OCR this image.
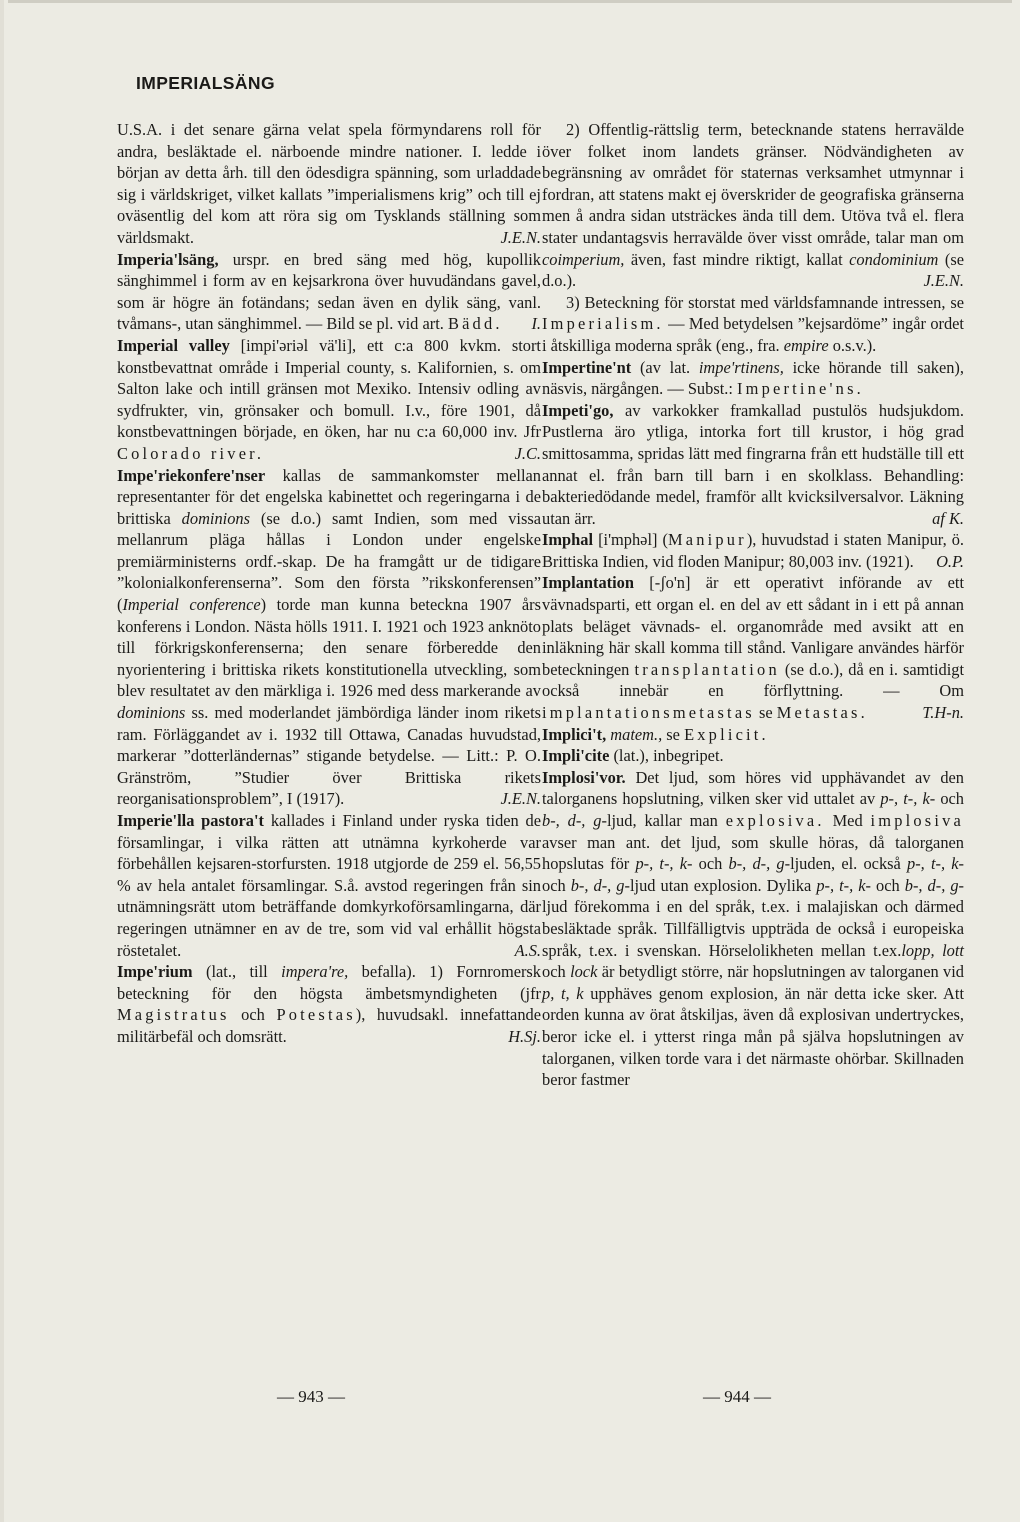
IMPERIALSÄNG

U.S.A. i det senare gärna velat spela förmyndarens roll för andra, besläktade el. närboende mindre nationer. I. ledde i början av detta årh. till den ödesdigra spänning, som urladdade sig i världskriget, vilket kallats ”imperialismens krig” och till ej oväsentlig del kom att röra sig om Tysklands ställning som världsmakt.	J.E.N.

Imperia'lsäng, urspr. en bred säng med hög, kupollik sänghimmel i form av en kejsarkrona över huvudändans gavel, som är högre än fotändans; sedan även en dylik säng, vanl. tvåmans-, utan sänghimmel. — Bild se pl. vid art. Bädd.	I.

Imperial valley [impi'əriəl vä'li], ett c:a 800 kvkm. stort konstbevattnat område i Imperial county, s. Kalifornien, s. om Salton lake och intill gränsen mot Mexiko. Intensiv odling av sydfrukter, vin, grönsaker och bomull. I.v., före 1901, då konstbevattningen började, en öken, har nu c:a 60,000 inv. Jfr Colorado river.	J.C.

Impe'riekonfere'nser kallas de sammankomster mellan representanter för det engelska kabinettet och regeringarna i de brittiska dominions (se d.o.) samt Indien, som med vissa mellanrum pläga hållas i London under engelske premiärministerns ordf.-skap. De ha framgått ur de tidigare ”kolonialkonferenserna”. Som den första ”rikskonferensen” (Imperial conference) torde man kunna beteckna 1907 års konferens i London. Nästa hölls 1911. I. 1921 och 1923 anknöto till förkrigskonferenserna; den senare förberedde den nyorientering i brittiska rikets konstitutionella utveckling, som blev resultatet av den märkliga i. 1926 med dess markerande av dominions ss. med moderlandet jämbördiga länder inom rikets ram. Förläggandet av i. 1932 till Ottawa, Canadas huvudstad, markerar ”dotterländernas” stigande betydelse. — Litt.: P. O. Gränström, ”Studier över Brittiska rikets reorganisationsproblem”, I (1917).	J.E.N.

Imperie'lla pastora't kallades i Finland under ryska tiden de församlingar, i vilka rätten att utnämna kyrkoherde var förbehållen kejsaren-storfursten. 1918 utgjorde de 259 el. 56,55 % av hela antalet församlingar. S.å. avstod regeringen från sin utnämningsrätt utom beträffande domkyrkoförsamlingarna, där regeringen utnämner en av de tre, som vid val erhållit högsta röstetalet.	A.S.

Impe'rium (lat., till impera're, befalla). 1) Fornromersk beteckning för den högsta ämbetsmyndigheten (jfr Magistratus och Potestas), huvudsakl. innefattande militärbefäl och domsrätt.	H.Sj.

2) Offentlig-rättslig term, betecknande statens herravälde över folket inom landets gränser. Nödvändigheten av begränsning av området för staternas verksamhet utmynnar i fordran, att statens makt ej överskrider de geografiska gränserna men å andra sidan utsträckes ända till dem. Utöva två el. flera stater undantagsvis herravälde över visst område, talar man om coimperium, även, fast mindre riktigt, kallat condominium (se d.o.).	J.E.N.

3) Beteckning för storstat med världsfamnande intressen, se Imperialism. — Med betydelsen ”kejsardöme” ingår ordet i åtskilliga moderna språk (eng., fra. empire o.s.v.).

Impertine'nt (av lat. impe'rtinens, icke hörande till saken), näsvis, närgången. — Subst.: Impertine'ns.

Impeti'go, av varkokker framkallad pustulös hudsjukdom. Pustlerna äro ytliga, intorka fort till krustor, i hög grad smittosamma, spridas lätt med fingrarna från ett hudställe till ett annat el. från barn till barn i en skolklass. Behandling: bakteriedödande medel, framför allt kvicksilversalvor. Läkning utan ärr.	af K.

Imphal [i'mphəl] (Manipur), huvudstad i staten Manipur, ö. Brittiska Indien, vid floden Manipur; 80,003 inv. (1921).	O.P.

Implantation [-ʃo'n] är ett operativt införande av ett vävnadsparti, ett organ el. en del av ett sådant in i ett på annan plats beläget vävnads- el. organområde med avsikt att en inläkning här skall komma till stånd. Vanligare användes härför beteckningen transplantation (se d.o.), då en i. samtidigt också innebär en förflyttning. — Om implantationsmetastas se Metastas.	T.H-n.

Implici't, matem., se Explicit.

Impli'cite (lat.), inbegripet.

Implosi'vor. Det ljud, som höres vid upphävandet av den talorganens hopslutning, vilken sker vid uttalet av p-, t-, k- och b-, d-, g-ljud, kallar man explosiva. Med implosiva avser man ant. det ljud, som skulle höras, då talorganen hopslutas för p-, t-, k- och b-, d-, g-ljuden, el. också p-, t-, k- och b-, d-, g-ljud utan explosion. Dylika p-, t-, k- och b-, d-, g-ljud förekomma i en del språk, t.ex. i malajiskan och därmed besläktade språk. Tillfälligtvis uppträda de också i europeiska språk, t.ex. i svenskan. Hörselolikheten mellan t.ex.lopp, lott och lock är betydligt större, när hopslutningen av talorganen vid p, t, k upphäves genom explosion, än när detta icke sker. Att orden kunna av örat åtskiljas, även då explosivan undertryckes, beror icke el. i ytterst ringa mån på själva hopslutningen av talorganen, vilken torde vara i det närmaste ohörbar. Skillnaden beror fastmer

— 943 —	— 944 —
